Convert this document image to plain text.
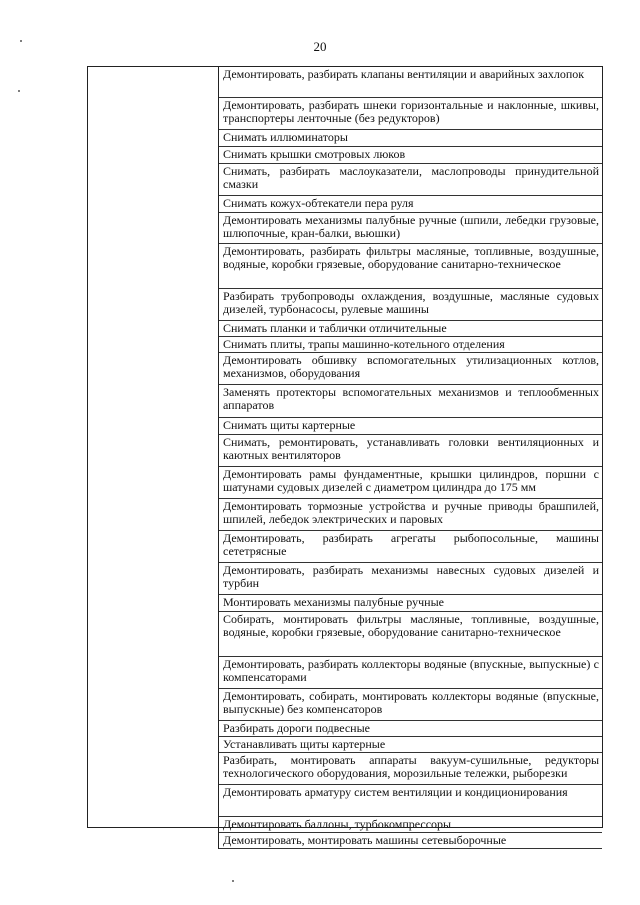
20
Демонтировать, разбирать клапаны вентиляции и аварийных захлопок
Демонтировать, разбирать шнеки горизонтальные и наклонные, шкивы, транспортеры ленточные (без редукторов)
Снимать иллюминаторы
Снимать крышки смотровых люков
Снимать, разбирать маслоуказатели, маслопроводы принудительной смазки
Снимать кожух-обтекатели пера руля
Демонтировать механизмы палубные ручные (шпили, лебедки грузовые, шлюпочные, кран-балки, вьюшки)
Демонтировать, разбирать фильтры масляные, топливные, воздушные, водяные, коробки грязевые, оборудование санитарно-техническое
Разбирать трубопроводы охлаждения, воздушные, масляные судовых дизелей, турбонасосы, рулевые машины
Снимать планки и таблички отличительные
Снимать плиты, трапы машинно-котельного отделения
Демонтировать обшивку вспомогательных утилизационных котлов, механизмов, оборудования
Заменять протекторы вспомогательных механизмов и теплообменных аппаратов
Снимать щиты картерные
Снимать, ремонтировать, устанавливать головки вентиляционных и каютных вентиляторов
Демонтировать рамы фундаментные, крышки цилиндров, поршни с шатунами судовых дизелей с диаметром цилиндра до 175 мм
Демонтировать тормозные устройства и ручные приводы брашпилей, шпилей, лебедок электрических и паровых
Демонтировать, разбирать агрегаты рыбопосольные, машины сететрясные
Демонтировать, разбирать механизмы навесных судовых дизелей и турбин
Монтировать механизмы палубные ручные
Собирать, монтировать фильтры масляные, топливные, воздушные, водяные, коробки грязевые, оборудование санитарно-техническое
Демонтировать, разбирать коллекторы водяные (впускные, выпускные) с компенсаторами
Демонтировать, собирать, монтировать коллекторы водяные (впускные, выпускные) без компенсаторов
Разбирать дороги подвесные
Устанавливать щиты картерные
Разбирать, монтировать аппараты вакуум-сушильные, редукторы технологического оборудования, морозильные тележки, рыборезки
Демонтировать арматуру систем вентиляции и кондиционирования
Демонтировать баллоны, турбокомпрессоры
Демонтировать, монтировать машины сетевыборочные
